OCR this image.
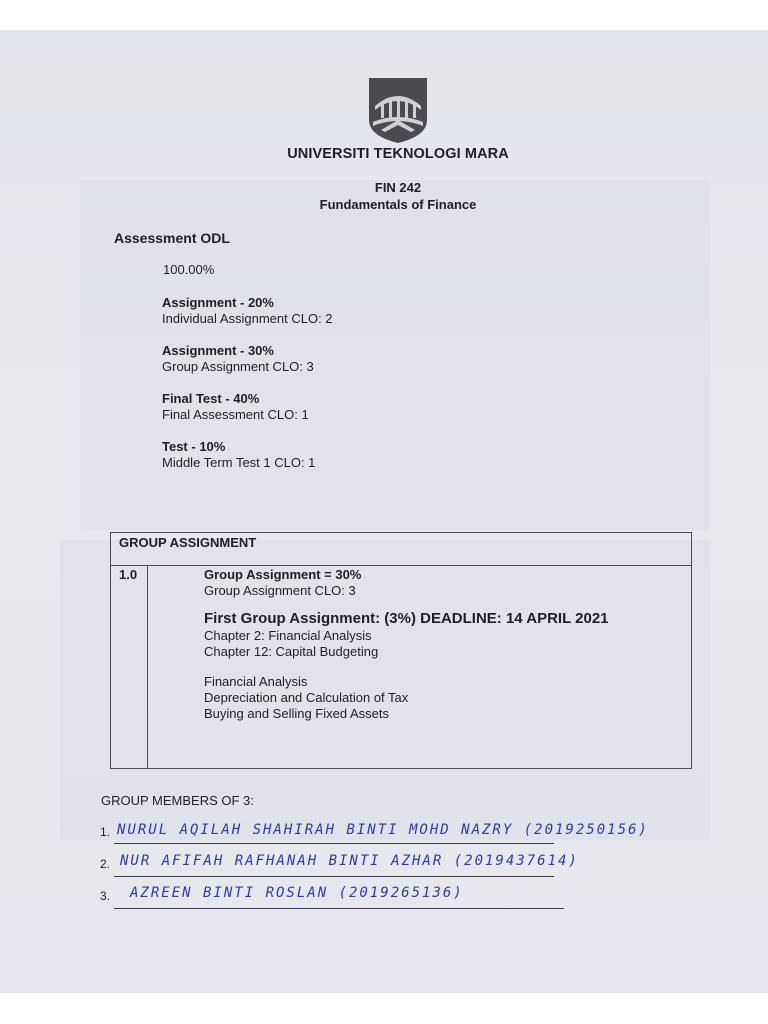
UNIVERSITI TEKNOLOGI MARA
FIN 242
Fundamentals of Finance
Assessment ODL
100.00%
Assignment - 20%
Individual Assignment CLO: 2
Assignment - 30%
Group Assignment CLO: 3
Final Test - 40%
Final Assessment CLO: 1
Test - 10%
Middle Term Test 1 CLO: 1
GROUP ASSIGNMENT
1.0	Group Assignment = 30%
Group Assignment CLO: 3
First Group Assignment: (3%) DEADLINE: 14 APRIL 2021
Chapter 2: Financial Analysis
Chapter 12: Capital Budgeting
Financial Analysis
Depreciation and Calculation of Tax
Buying and Selling Fixed Assets
GROUP MEMBERS OF 3:
1. NURUL AQILAH SHAHIRAH BINTI MOHD NAZRY (2019250156)
2. NUR AFIFAH RAFHANAH BINTI AZHAR (2019437614)
3. AZREEN BINTI ROSLAN (2019265136)
